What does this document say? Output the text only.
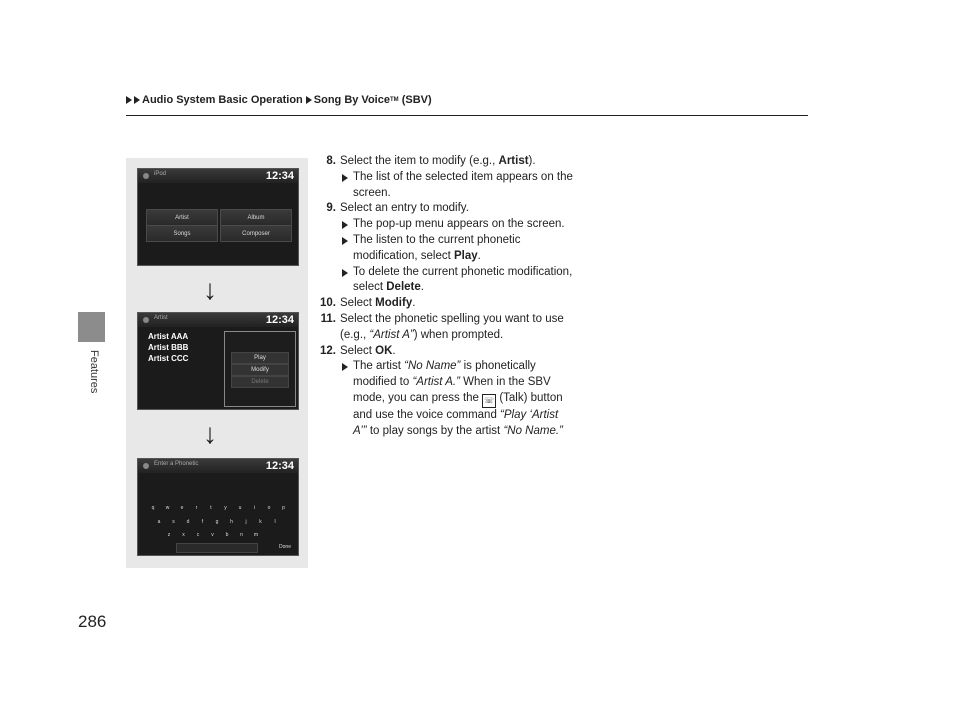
Audio System Basic Operation Song By Voice TM
(SBV)
Features
iPod	12:34
Artist	Album
Songs	Composer
↓
Artist	12:34
Artist AAA
Artist BBB
Artist CCC	Play
Modify
Delete
↓
Enter a Phonetic	12:34
q	w	e	r	t	y	u	i	o	p
a	s	d	f	g	h	j	k	l
z	x	c	v	b	n	m
Done
8. Select the item to modify (e.g., Artist).
The list of the selected item appears on the screen.
9. Select an entry to modify.
The pop-up menu appears on the screen.
The listen to the current phonetic modification, select Play.
To delete the current phonetic modification, select Delete.
10. Select Modify.
11. Select the phonetic spelling you want to use (e.g., “Artist A”) when prompted.
12. Select OK.
The artist “No Name” is phonetically modified to “Artist A.” When in the SBV mode, you can press the ☏ (Talk) button and use the voice command “Play ‘Artist A’” to play songs by the artist “No Name.”
286
